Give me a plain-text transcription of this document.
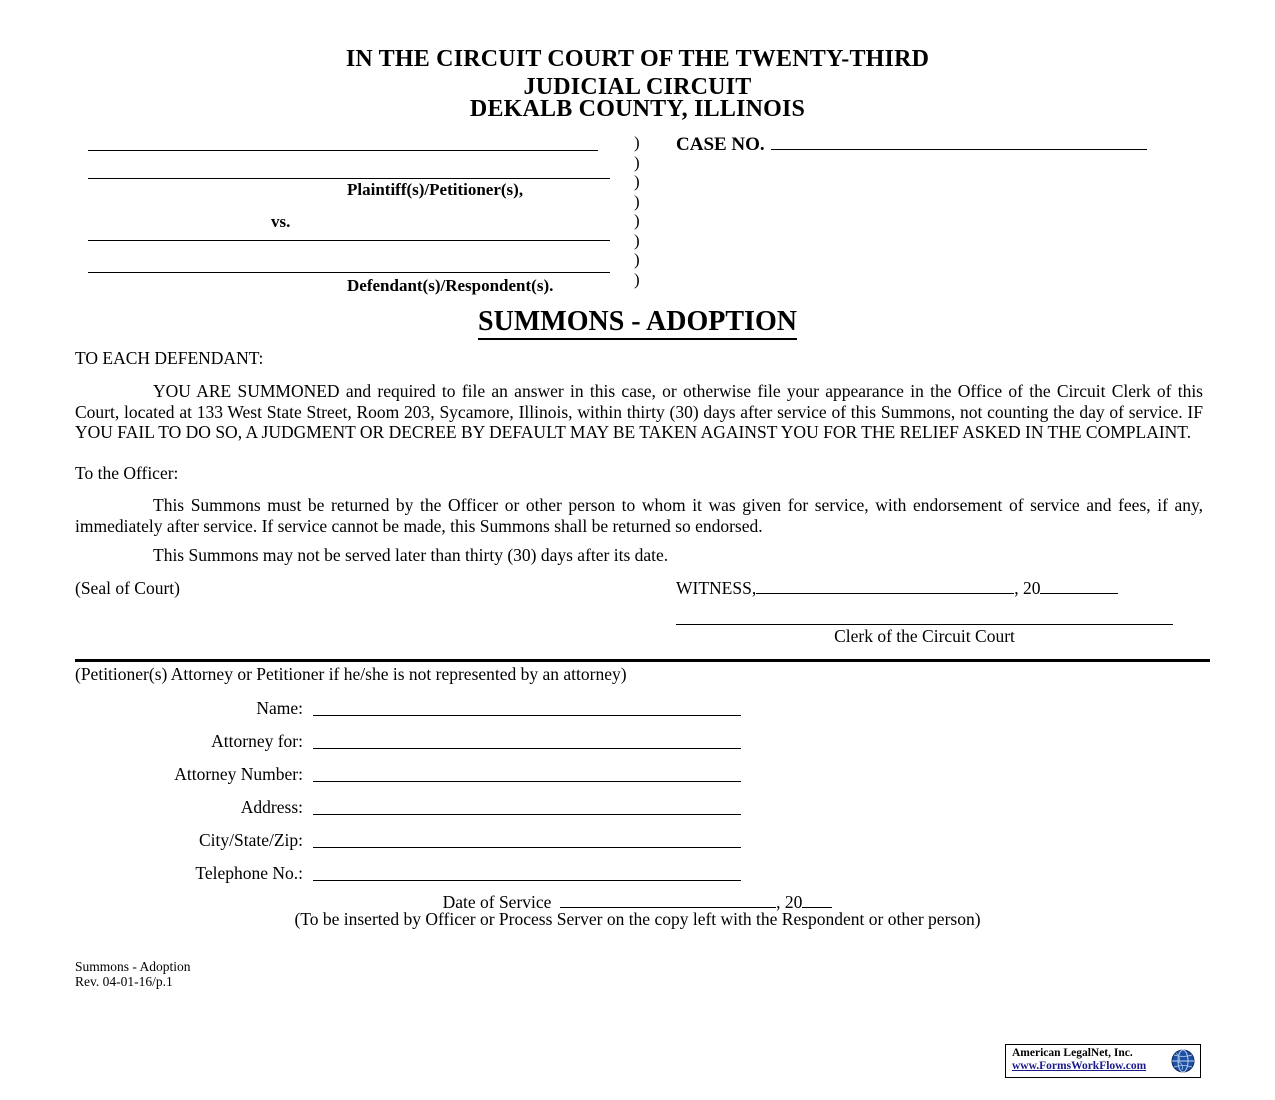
IN THE CIRCUIT COURT OF THE TWENTY-THIRD
JUDICIAL CIRCUIT
DEKALB COUNTY, ILLINOIS
Plaintiff(s)/Petitioner(s),
vs.
Defendant(s)/Respondent(s).
)
)
)
)
)
)
)
)
CASE NO.
SUMMONS - ADOPTION
TO EACH DEFENDANT:
YOU ARE SUMMONED and required to file an answer in this case, or otherwise file your appearance in the Office of the Circuit Clerk of this Court, located at 133 West State Street, Room 203, Sycamore, Illinois, within thirty (30) days after service of this Summons, not counting the day of service. IF YOU FAIL TO DO SO, A JUDGMENT OR DECREE BY DEFAULT MAY BE TAKEN AGAINST YOU FOR THE RELIEF ASKED IN THE COMPLAINT.
To the Officer:
This Summons must be returned by the Officer or other person to whom it was given for service, with endorsement of service and fees, if any, immediately after service. If service cannot be made, this Summons shall be returned so endorsed.
This Summons may not be served later than thirty (30) days after its date.
(Seal of Court)	WITNESS,	, 20
Clerk of the Circuit Court
(Petitioner(s) Attorney or Petitioner if he/she is not represented by an attorney)
Name:
Attorney for:
Attorney Number:
Address:
City/State/Zip:
Telephone No.:
Date of Service	, 20
(To be inserted by Officer or Process Server on the copy left with the Respondent or other person)
Summons - Adoption
Rev. 04-01-16/p.1
American LegalNet, Inc.
www.FormsWorkFlow.com
